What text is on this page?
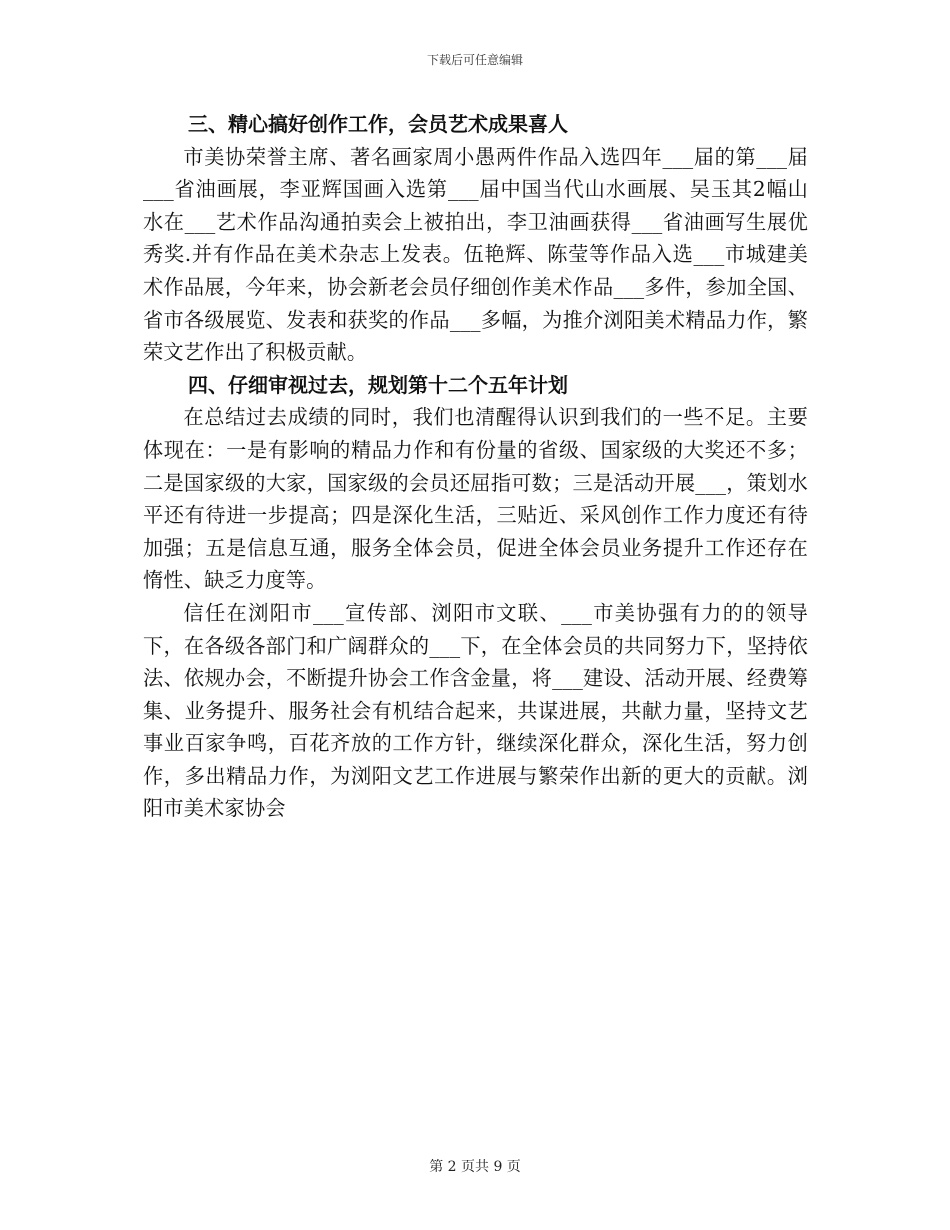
下载后可任意编辑
三、精心搞好创作工作，会员艺术成果喜人

市美协荣誉主席、著名画家周小愚两件作品入选四年___届的第___届___省油画展，李亚辉国画入选第___届中国当代山水画展、吴玉其2幅山水在___艺术作品沟通拍卖会上被拍出，李卫油画获得___省油画写生展优秀奖.并有作品在美术杂志上发表。伍艳辉、陈莹等作品入选___市城建美术作品展，今年来，协会新老会员仔细创作美术作品___多件，参加全国、省市各级展览、发表和获奖的作品___多幅，为推介浏阳美术精品力作，繁荣文艺作出了积极贡献。

四、仔细审视过去，规划第十二个五年计划

在总结过去成绩的同时，我们也清醒得认识到我们的一些不足。主要体现在：一是有影响的精品力作和有份量的省级、国家级的大奖还不多；二是国家级的大家，国家级的会员还屈指可数；三是活动开展___，策划水平还有待进一步提高；四是深化生活，三贴近、采风创作工作力度还有待加强；五是信息互通，服务全体会员，促进全体会员业务提升工作还存在惰性、缺乏力度等。

信任在浏阳市___宣传部、浏阳市文联、___市美协强有力的的领导下，在各级各部门和广阔群众的___下，在全体会员的共同努力下，坚持依法、依规办会，不断提升协会工作含金量，将___建设、活动开展、经费筹集、业务提升、服务社会有机结合起来，共谋进展，共献力量，坚持文艺事业百家争鸣，百花齐放的工作方针，继续深化群众，深化生活，努力创作，多出精品力作，为浏阳文艺工作进展与繁荣作出新的更大的贡献。浏阳市美术家协会

第 2 页共 9 页
